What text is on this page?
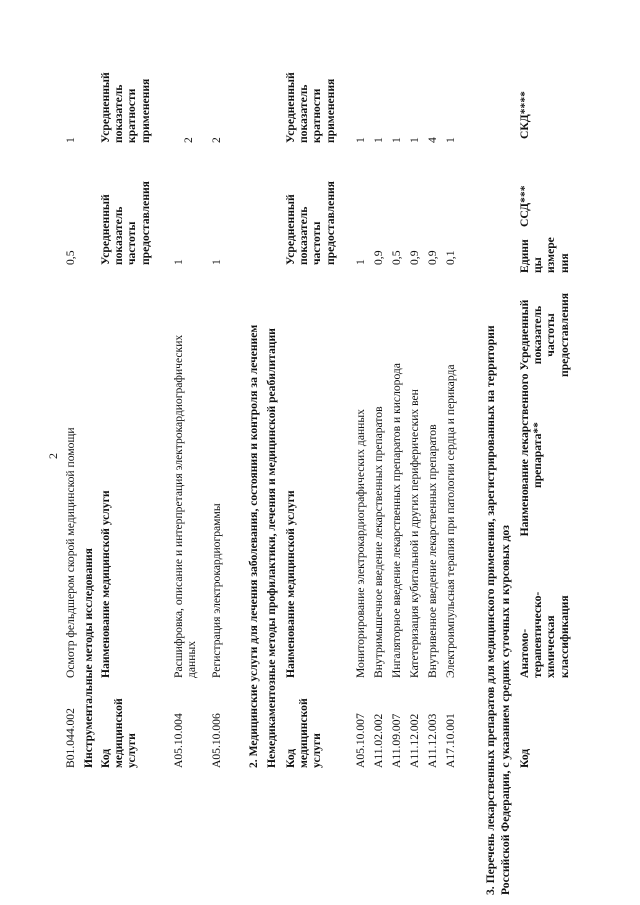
2
B01.044.002
Осмотр фельдшером скорой медицинской помощи
0,5
1
Инструментальные методы исследования Код медицинской услуги
Наименование медицинской услуги
Усредненный показатель частоты предоставления
Усредненный показатель кратности применения
A05.10.004
Расшифровка, описание и интерпретация электрокардиографических данных
1
2
A05.10.006
Регистрация электрокардиограммы
1
2
2. Медицинские услуги для лечения заболевания, состояния и контроля за лечением Немедикаментозные методы профилактики, лечения и медицинской реабилитации Код медицинской услуги
Наименование медицинской услуги
Усредненный показатель частоты предоставления
Усредненный показатель кратности применения
A05.10.007
Мониторирование электрокардиографических данных
1
1
A11.02.002
Внутримышечное введение лекарственных препаратов
0,9
1
A11.09.007
Ингаляторное введение лекарственных препаратов и кислорода
0,5
1
A11.12.002
Катетеризация кубитальной и других периферических вен
0,9
1
A11.12.003
Внутривенное введение лекарственных препаратов
0,9
4
A17.10.001
Электроимпульсная терапия при патологии сердца и перикарда
0,1
1
3. Перечень лекарственных препаратов для медицинского применения, зарегистрированных на территории Российской Федерации, с указанием средних суточных и курсовых доз Код
Анатомо- терапевтическо- химическая классификация
Наименование лекарственного препарата**
Усредненный показатель частоты предоставления
Едини цы измере ния
ССД***
СКД****
